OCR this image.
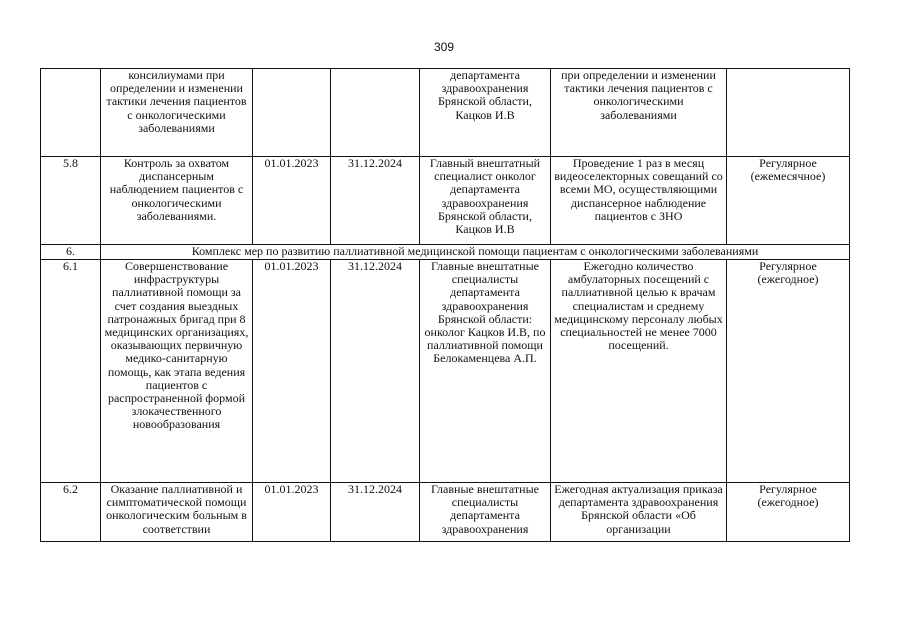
309
	консилиумами при определении и изменении тактики лечения пациентов с онкологическими заболеваниями			департамента здравоохранения Брянской области, Кацков И.В	при определении и изменении тактики лечения пациентов с онкологическими заболеваниями	
5.8	Контроль за охватом диспансерным наблюдением пациентов с онкологическими заболеваниями.	01.01.2023	31.12.2024	Главный внештатный специалист онколог департамента здравоохранения Брянской области, Кацков И.В	Проведение 1 раз в месяц видеоселекторных совещаний со всеми МО, осуществляющими диспансерное наблюдение пациентов с ЗНО	Регулярное (ежемесячное)
6.	Комплекс мер по развитию паллиативной медицинской помощи пациентам с онкологическими заболеваниями					
6.1	Совершенствование инфраструктуры паллиативной помощи за счет создания выездных патронажных бригад при 8 медицинских организациях, оказывающих первичную медико-санитарную помощь, как этапа ведения пациентов с распространенной формой злокачественного новообразования	01.01.2023	31.12.2024	Главные внештатные специалисты департамента здравоохранения Брянской области: онколог Кацков И.В, по паллиативной помощи Белокаменцева А.П.	Ежегодно количество амбулаторных посещений с паллиативной целью к врачам специалистам и среднему медицинскому персоналу любых специальностей не менее 7000 посещений.	Регулярное (ежегодное)
6.2	Оказание паллиативной и симптоматической помощи онкологическим больным в соответствии	01.01.2023	31.12.2024	Главные внештатные специалисты департамента здравоохранения	Ежегодная актуализация приказа департамента здравоохранения Брянской области «Об организации	Регулярное (ежегодное)
